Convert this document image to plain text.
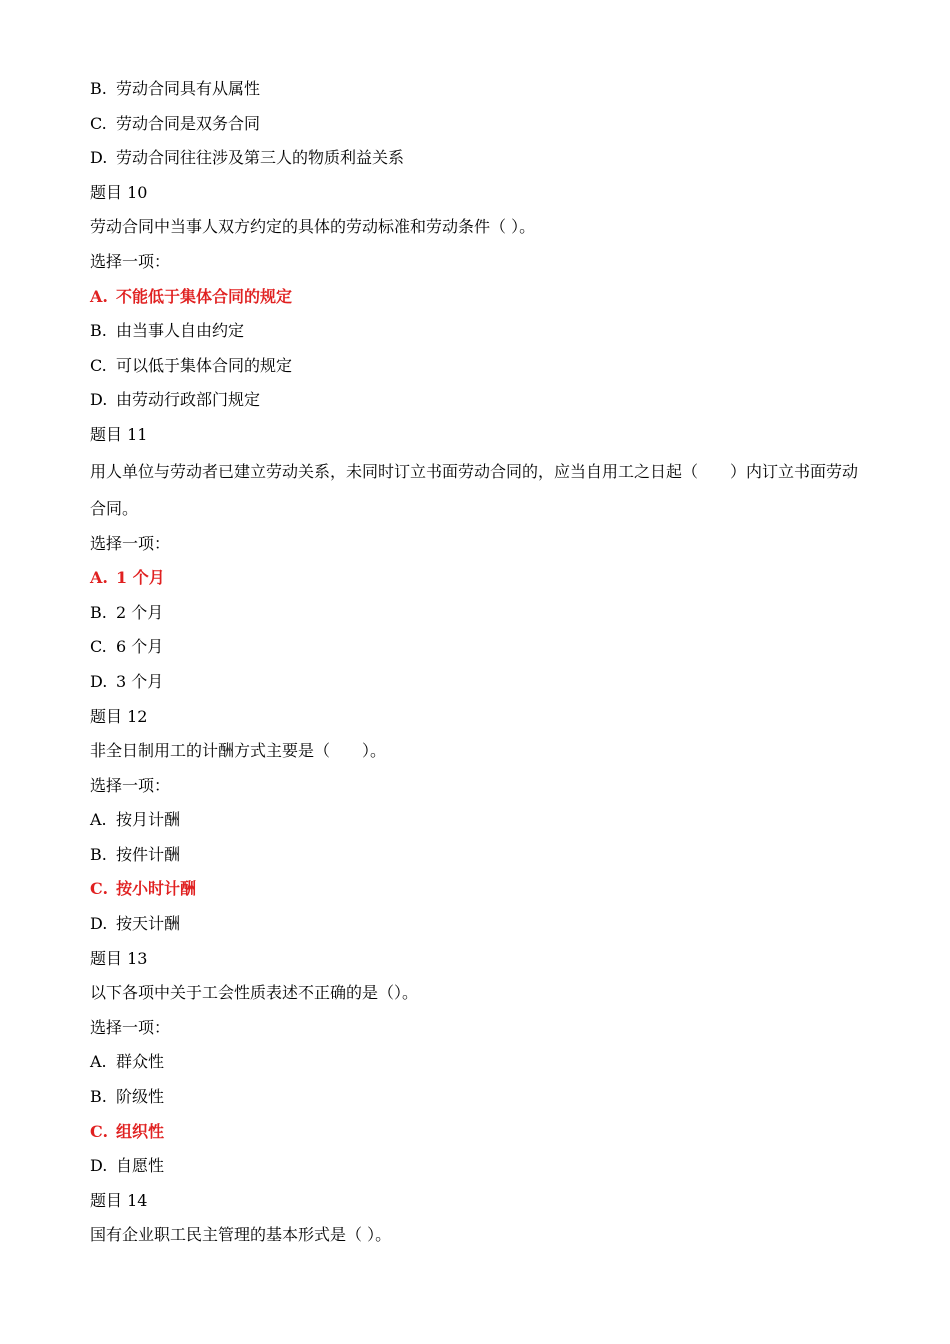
B. 劳动合同具有从属性
C. 劳动合同是双务合同
D. 劳动合同往往涉及第三人的物质利益关系
题目 10
劳动合同中当事人双方约定的具体的劳动标准和劳动条件（ ）。
选择一项：
A. 不能低于集体合同的规定
B. 由当事人自由约定
C. 可以低于集体合同的规定
D. 由劳动行政部门规定
题目 11
用人单位与劳动者已建立劳动关系，未同时订立书面劳动合同的，应当自用工之日起（　　）内订立书面劳动合同。
选择一项：
A. 1 个月
B. 2 个月
C. 6 个月
D. 3 个月
题目 12
非全日制用工的计酬方式主要是（　　）。
选择一项：
A. 按月计酬
B. 按件计酬
C. 按小时计酬
D. 按天计酬
题目 13
以下各项中关于工会性质表述不正确的是（）。
选择一项：
A. 群众性
B. 阶级性
C. 组织性
D. 自愿性
题目 14
国有企业职工民主管理的基本形式是（ ）。
